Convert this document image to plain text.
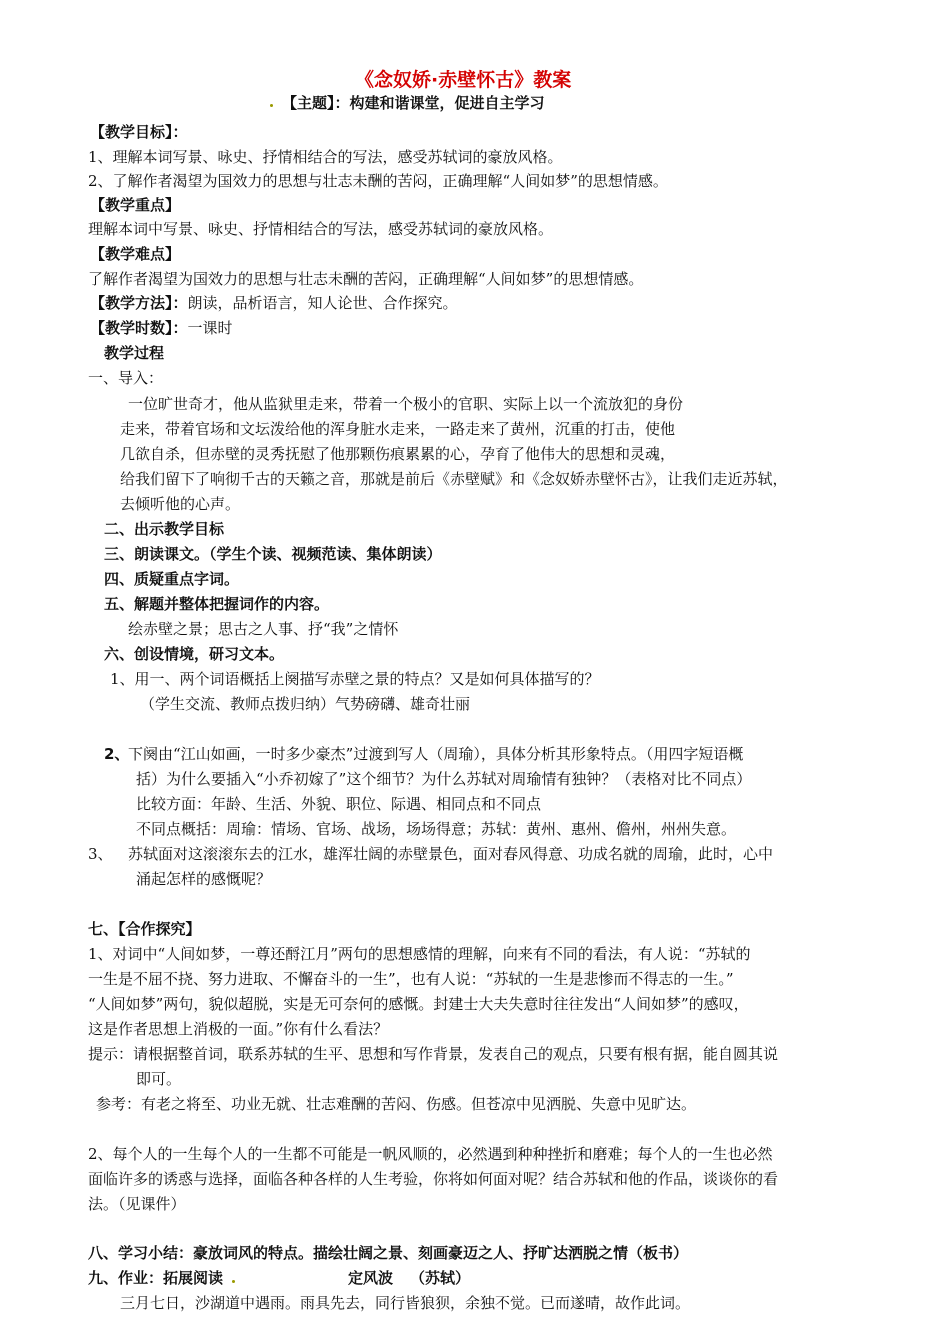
《念奴娇·赤壁怀古》教案
【主题】：构建和谐课堂，促进自主学习
【教学目标】：
1、理解本词写景、咏史、抒情相结合的写法，感受苏轼词的豪放风格。
2、了解作者渴望为国效力的思想与壮志未酬的苦闷，正确理解“人间如梦”的思想情感。
【教学重点】
理解本词中写景、咏史、抒情相结合的写法，感受苏轼词的豪放风格。
【教学难点】
了解作者渴望为国效力的思想与壮志未酬的苦闷，正确理解“人间如梦”的思想情感。
【教学方法】：朗读，品析语言，知人论世、合作探究。
【教学时数】：一课时
教学过程
一、导入：
一位旷世奇才，他从监狱里走来，带着一个极小的官职、实际上以一个流放犯的身份
走来，带着官场和文坛泼给他的浑身脏水走来，一路走来了黄州，沉重的打击，使他
几欲自杀，但赤壁的灵秀抚慰了他那颗伤痕累累的心，孕育了他伟大的思想和灵魂，
给我们留下了响彻千古的天籁之音，那就是前后《赤壁赋》和《念奴娇赤壁怀古》，让我们走近苏轼，
去倾听他的心声。
二、出示教学目标
三、朗读课文。（学生个读、视频范读、集体朗读）
四、质疑重点字词。
五、解题并整体把握词作的内容。
绘赤壁之景；思古之人事、抒“我”之情怀
六、创设情境，研习文本。
1、用一、两个词语概括上阕描写赤壁之景的特点？又是如何具体描写的？
（学生交流、教师点拨归纳）气势磅礴、雄奇壮丽
2、
下阕由“江山如画，一时多少豪杰”过渡到写人（周瑜），具体分析其形象特点。（用四字短语概
括）为什么要插入“小乔初嫁了”这个细节？为什么苏轼对周瑜情有独钟？（表格对比不同点）
比较方面：年龄、生活、外貌、职位、际遇、相同点和不同点
不同点概括：周瑜：情场、官场、战场，场场得意；苏轼：黄州、惠州、儋州，州州失意。
3、 苏轼面对这滚滚东去的江水，雄浑壮阔的赤壁景色，面对春风得意、功成名就的周瑜，此时，心中
涌起怎样的感慨呢？
七、【合作探究】
1、对词中“人间如梦，一尊还酹江月”两句的思想感情的理解，向来有不同的看法，有人说：“苏轼的
一生是不屈不挠、努力进取、不懈奋斗的一生”，也有人说：“苏轼的一生是悲惨而不得志的一生。”
“人间如梦”两句，貌似超脱，实是无可奈何的感慨。封建士大夫失意时往往发出“人间如梦”的感叹，
这是作者思想上消极的一面。”你有什么看法？
提示：请根据整首词，联系苏轼的生平、思想和写作背景，发表自己的观点，只要有根有据，能自圆其说
即可。
参考：有老之将至、功业无就、壮志难酬的苦闷、伤感。但苍凉中见洒脱、失意中见旷达。
2、每个人的一生每个人的一生都不可能是一帆风顺的，必然遇到种种挫折和磨难；每个人的一生也必然
面临许多的诱惑与选择，面临各种各样的人生考验，你将如何面对呢？结合苏轼和他的作品，谈谈你的看
法。（见课件）
八、学习小结：豪放词风的特点。描绘壮阔之景、刻画豪迈之人、抒旷达洒脱之情（板书）
九、作业：拓展阅读	定风波 （苏轼）
三月七日，沙湖道中遇雨。雨具先去，同行皆狼狈，余独不觉。已而遂晴，故作此词。
